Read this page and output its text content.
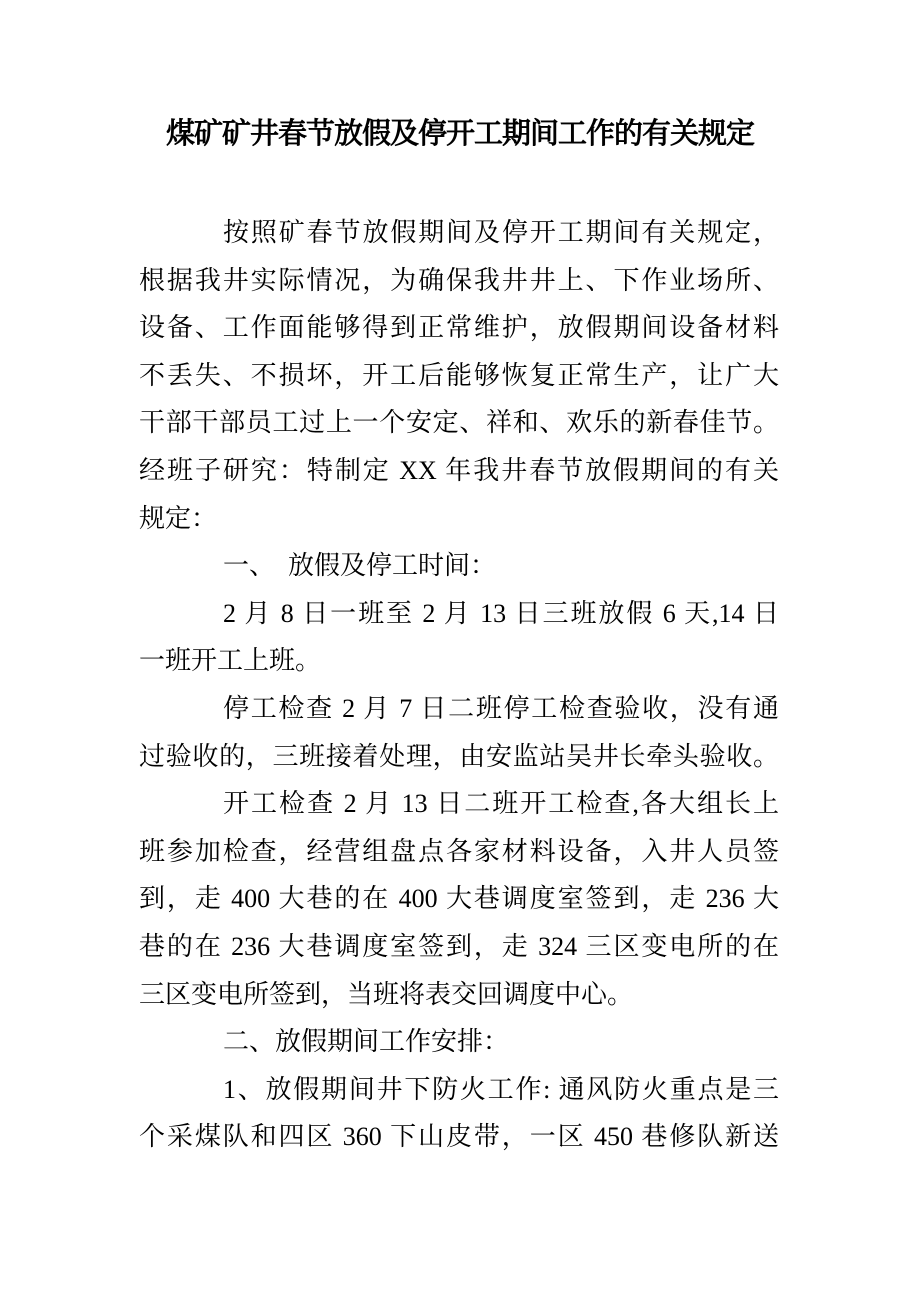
煤矿矿井春节放假及停开工期间工作的有关规定
按照矿春节放假期间及停开工期间有关规定，
根据我井实际情况，为确保我井井上、下作业场所、
设备、工作面能够得到正常维护，放假期间设备材料
不丢失、不损坏，开工后能够恢复正常生产，让广大
干部干部员工过上一个安定、祥和、欢乐的新春佳节。
经班子研究：特制定 XX 年我井春节放假期间的有关
规定：
一、　放假及停工时间：
2 月 8 日一班至 2 月 13 日三班放假 6 天,14 日
一班开工上班。
停工检查 2 月 7 日二班停工检查验收，没有通
过验收的，三班接着处理，由安监站吴井长牵头验收。
开工检查 2 月 13 日二班开工检查,各大组长上
班参加检查，经营组盘点各家材料设备，入井人员签
到，走 400 大巷的在 400 大巷调度室签到，走 236 大
巷的在 236 大巷调度室签到，走 324 三区变电所的在
三区变电所签到，当班将表交回调度中心。
二、放假期间工作安排：
1、放假期间井下防火工作: 通风防火重点是三
个采煤队和四区 360 下山皮带，一区 450 巷修队新送
